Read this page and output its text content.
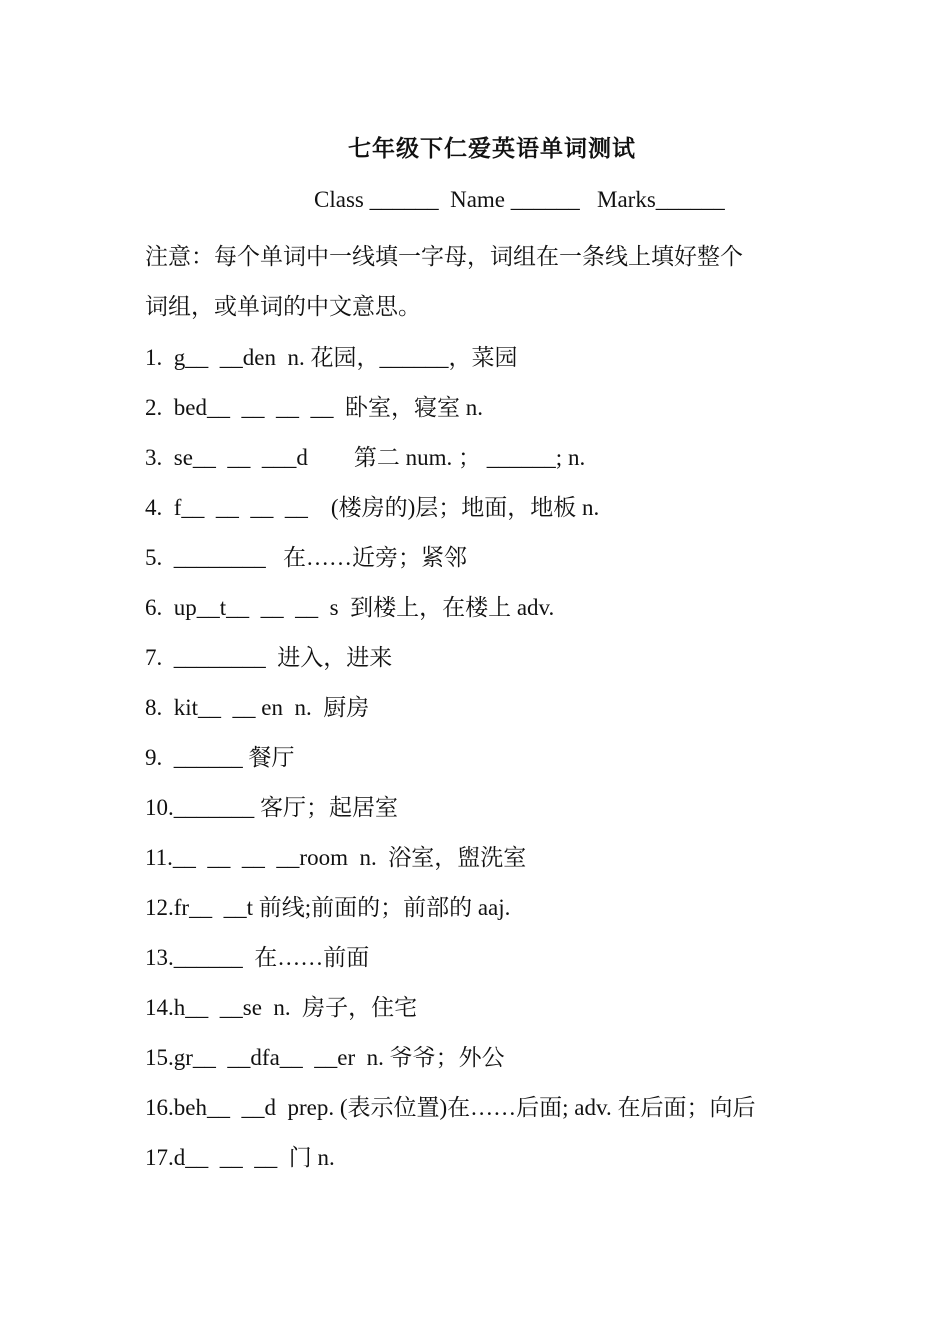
七年级下仁爱英语单词测试
Class ______  Name ______   Marks______
注意：每个单词中一线填一字母，词组在一条线上填好整个
词组，或单词的中文意思。
1. g__  __den  n. 花园，______，菜园
2. bed__  __  __  __  卧室，寝室 n.
3. se__  __  ___d        第二 num. ； ______; n.
4. f__  __  __  __    (楼房的)层；地面，地板 n.
5. ________   在……近旁；紧邻
6. up__t__  __  __  s  到楼上，在楼上 adv.
7. ________  进入，进来
8. kit__  __ en  n.  厨房
9. ______ 餐厅
10. _______ 客厅；起居室
11. __  __  __  __room  n.  浴室，盥洗室
12. fr__  __t 前线;前面的；前部的 aaj.
13. ______  在……前面
14. h__  __se  n.  房子，住宅
15. gr__  __dfa__  __er  n. 爷爷；外公
16. beh__  __d  prep. (表示位置)在……后面; adv. 在后面；向后
17. d__  __  __  门 n.
